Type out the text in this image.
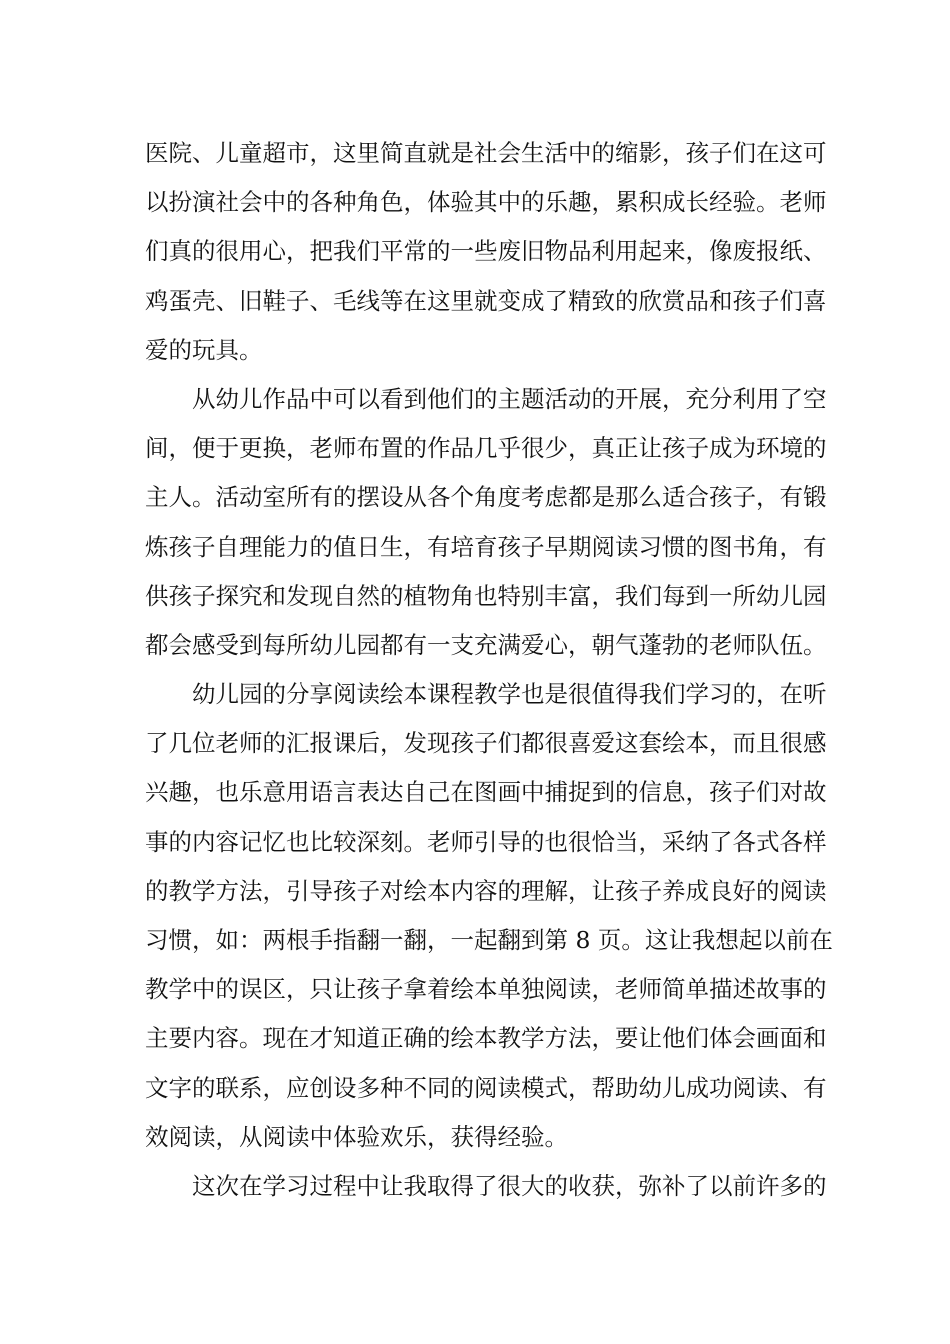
医院、儿童超市，这里简直就是社会生活中的缩影，孩子们在这可
以扮演社会中的各种角色，体验其中的乐趣，累积成长经验。老师
们真的很用心，把我们平常的一些废旧物品利用起来，像废报纸、
鸡蛋壳、旧鞋子、毛线等在这里就变成了精致的欣赏品和孩子们喜
爱的玩具。
从幼儿作品中可以看到他们的主题活动的开展，充分利用了空
间，便于更换，老师布置的作品几乎很少，真正让孩子成为环境的
主人。活动室所有的摆设从各个角度考虑都是那么适合孩子，有锻
炼孩子自理能力的值日生，有培育孩子早期阅读习惯的图书角，有
供孩子探究和发现自然的植物角也特别丰富，我们每到一所幼儿园
都会感受到每所幼儿园都有一支充满爱心，朝气蓬勃的老师队伍。
幼儿园的分享阅读绘本课程教学也是很值得我们学习的，在听
了几位老师的汇报课后，发现孩子们都很喜爱这套绘本，而且很感
兴趣，也乐意用语言表达自己在图画中捕捉到的信息，孩子们对故
事的内容记忆也比较深刻。老师引导的也很恰当，采纳了各式各样
的教学方法，引导孩子对绘本内容的理解，让孩子养成良好的阅读
习惯，如：两根手指翻一翻，一起翻到第 8 页。这让我想起以前在
教学中的误区，只让孩子拿着绘本单独阅读，老师简单描述故事的
主要内容。现在才知道正确的绘本教学方法，要让他们体会画面和
文字的联系，应创设多种不同的阅读模式，帮助幼儿成功阅读、有
效阅读，从阅读中体验欢乐，获得经验。
这次在学习过程中让我取得了很大的收获，弥补了以前许多的
